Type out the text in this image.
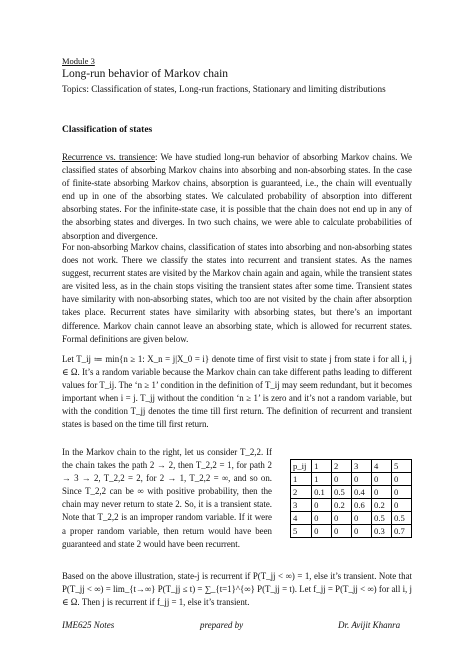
Module 3
Long-run behavior of Markov chain
Topics: Classification of states, Long-run fractions, Stationary and limiting distributions
Classification of states
Recurrence vs. transience: We have studied long-run behavior of absorbing Markov chains. We classified states of absorbing Markov chains into absorbing and non-absorbing states. In the case of finite-state absorbing Markov chains, absorption is guaranteed, i.e., the chain will eventually end up in one of the absorbing states. We calculated probability of absorption into different absorbing states. For the infinite-state case, it is possible that the chain does not end up in any of the absorbing states and diverges. In two such chains, we were able to calculate probabilities of absorption and divergence.
For non-absorbing Markov chains, classification of states into absorbing and non-absorbing states does not work. There we classify the states into recurrent and transient states. As the names suggest, recurrent states are visited by the Markov chain again and again, while the transient states are visited less, as in the chain stops visiting the transient states after some time. Transient states have similarity with non-absorbing states, which too are not visited by the chain after absorption takes place. Recurrent states have similarity with absorbing states, but there’s an important difference. Markov chain cannot leave an absorbing state, which is allowed for recurrent states. Formal definitions are given below.
Let T_ij ≔ min{n ≥ 1: X_n = j|X_0 = i} denote time of first visit to state j from state i for all i, j ∈ Ω. It’s a random variable because the Markov chain can take different paths leading to different values for T_ij. The ‘n ≥ 1’ condition in the definition of T_ij may seem redundant, but it becomes important when i = j. T_jj without the condition ‘n ≥ 1’ is zero and it’s not a random variable, but with the condition T_jj denotes the time till first return. The definition of recurrent and transient states is based on the time till first return.
In the Markov chain to the right, let us consider T_2,2. If the chain takes the path 2 → 2, then T_2,2 = 1, for path 2 → 3 → 2, T_2,2 = 2, for 2 → 1, T_2,2 = ∞, and so on. Since T_2,2 can be ∞ with positive probability, then the chain may never return to state 2. So, it is a transient state. Note that T_2,2 is an improper random variable. If it were a proper random variable, then return would have been guaranteed and state 2 would have been recurrent.
p_ij	1	2	3	4	5
1	1	0	0	0	0
2	0.1	0.5	0.4	0	0
3	0	0.2	0.6	0.2	0
4	0	0	0	0.5	0.5
5	0	0	0	0.3	0.7
Based on the above illustration, state-j is recurrent if P(T_jj < ∞) = 1, else it’s transient. Note that P(T_jj < ∞) = lim_{t→∞} P(T_jj ≤ t) = ∑_{t=1}^{∞} P(T_jj = t). Let f_jj = P(T_jj < ∞) for all i, j ∈ Ω. Then j is recurrent if f_jj = 1, else it’s transient.
IME625 Notes	prepared by	Dr. Avijit Khanra
